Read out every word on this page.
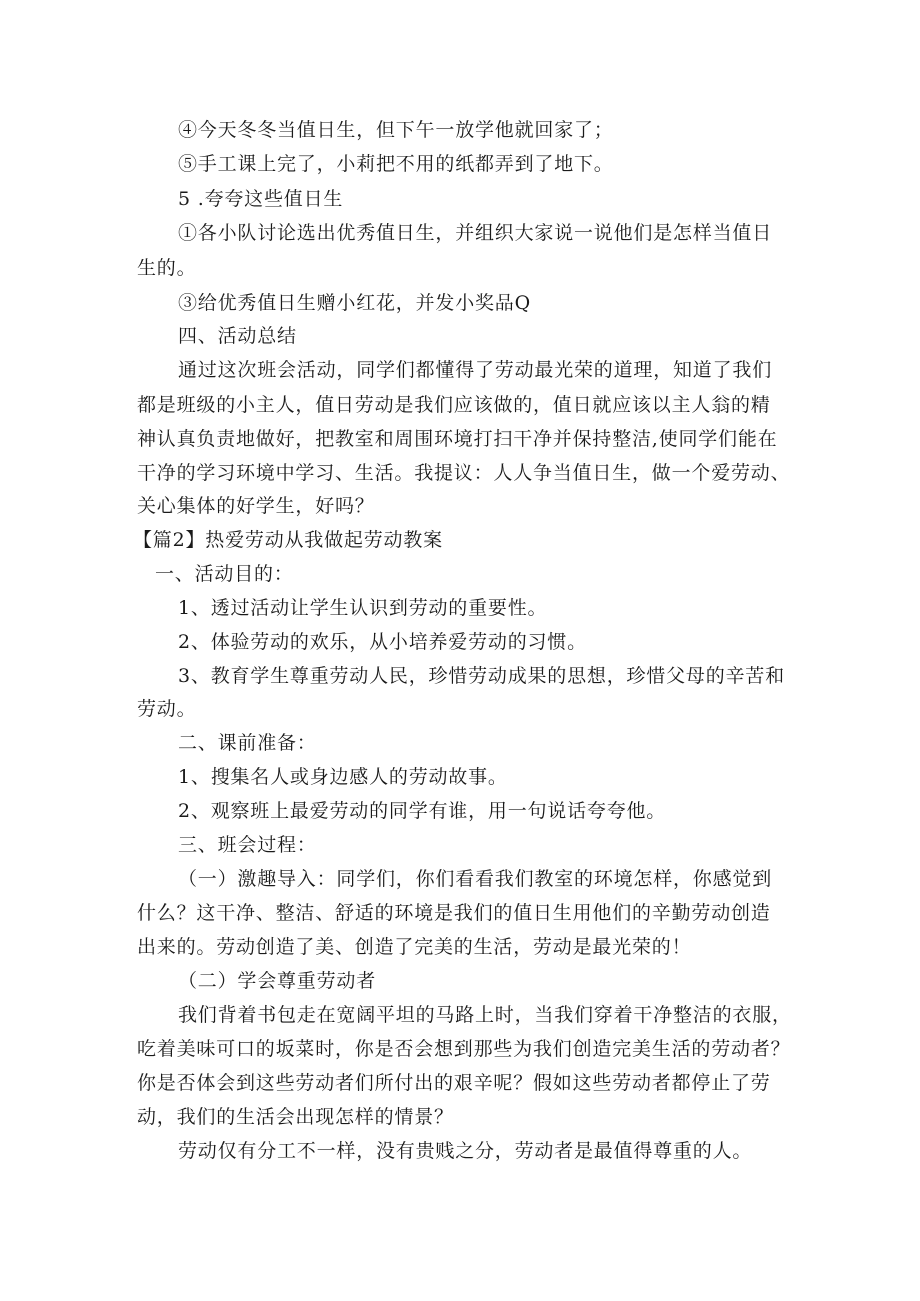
④今天冬冬当值日生，但下午一放学他就回家了；
⑤手工课上完了，小莉把不用的纸都弄到了地下。
5 .夸夸这些值日生
①各小队讨论选出优秀值日生，并组织大家说一说他们是怎样当值日
生的。
③给优秀值日生赠小红花，并发小奖品Q
四、活动总结
通过这次班会活动，同学们都懂得了劳动最光荣的道理，知道了我们
都是班级的小主人，值日劳动是我们应该做的，值日就应该以主人翁的精
神认真负责地做好，把教室和周围环境打扫干净并保持整洁,使同学们能在
干净的学习环境中学习、生活。我提议：人人争当值日生，做一个爱劳动、
关心集体的好学生，好吗？
【篇2】热爱劳动从我做起劳动教案
一、活动目的：
1、透过活动让学生认识到劳动的重要性。
2、体验劳动的欢乐，从小培养爱劳动的习惯。
3、教育学生尊重劳动人民，珍惜劳动成果的思想，珍惜父母的辛苦和
劳动。
二、课前准备：
1、搜集名人或身边感人的劳动故事。
2、观察班上最爱劳动的同学有谁，用一句说话夸夸他。
三、班会过程：
（一）激趣导入：同学们，你们看看我们教室的环境怎样，你感觉到
什么？这干净、整洁、舒适的环境是我们的值日生用他们的辛勤劳动创造
出来的。劳动创造了美、创造了完美的生活，劳动是最光荣的！
（二）学会尊重劳动者
我们背着书包走在宽阔平坦的马路上时，当我们穿着干净整洁的衣服，
吃着美味可口的坂菜时，你是否会想到那些为我们创造完美生活的劳动者？
你是否体会到这些劳动者们所付出的艰辛呢？假如这些劳动者都停止了劳
动，我们的生活会出现怎样的情景？
劳动仅有分工不一样，没有贵贱之分，劳动者是最值得尊重的人。
